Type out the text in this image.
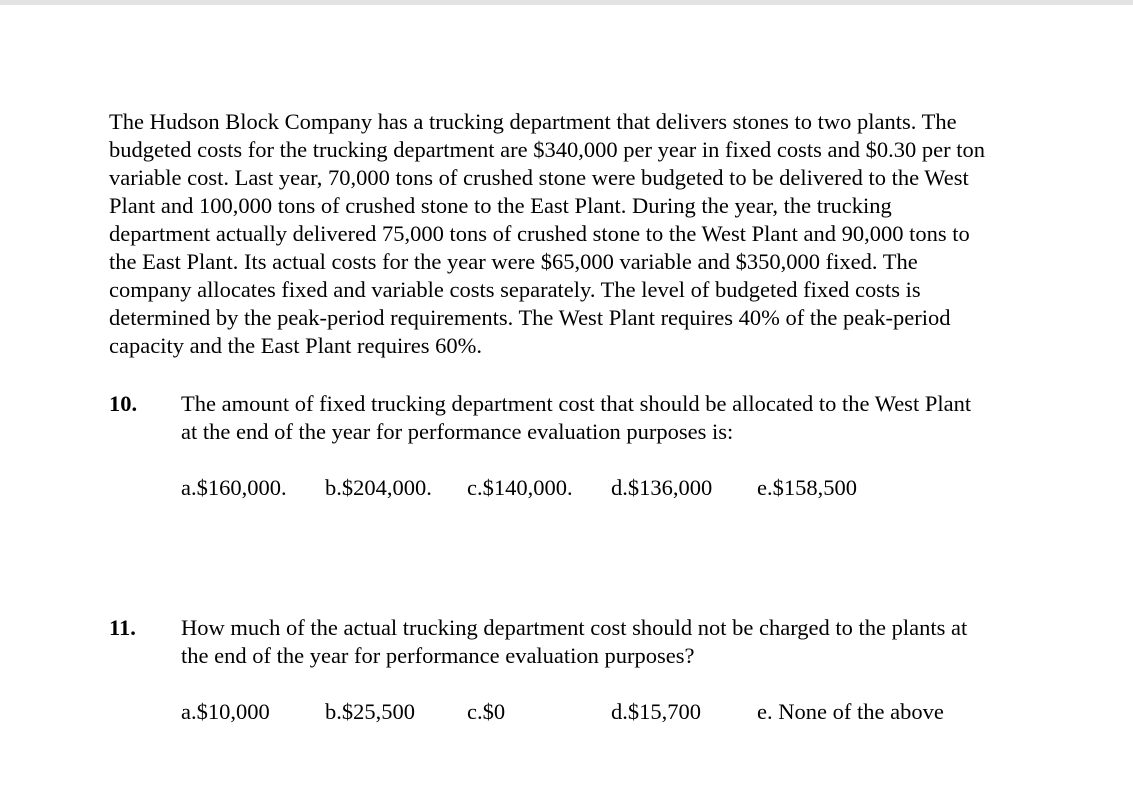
The Hudson Block Company has a trucking department that delivers stones to two plants. The
budgeted costs for the trucking department are $340,000 per year in fixed costs and $0.30 per ton
variable cost. Last year, 70,000 tons of crushed stone were budgeted to be delivered to the West
Plant and 100,000 tons of crushed stone to the East Plant. During the year, the trucking
department actually delivered 75,000 tons of crushed stone to the West Plant and 90,000 tons to
the East Plant. Its actual costs for the year were $65,000 variable and $350,000 fixed. The
company allocates fixed and variable costs separately. The level of budgeted fixed costs is
determined by the peak-period requirements. The West Plant requires 40% of the peak-period
capacity and the East Plant requires 60%.
10. The amount of fixed trucking department cost that should be allocated to the West Plant
at the end of the year for performance evaluation purposes is:
a.$160,000. b.$204,000. c.$140,000. d.$136,000 e.$158,500
11. How much of the actual trucking department cost should not be charged to the plants at
the end of the year for performance evaluation purposes?
a.$10,000 b.$25,500 c.$0	d.$15,700 e. None of the above
